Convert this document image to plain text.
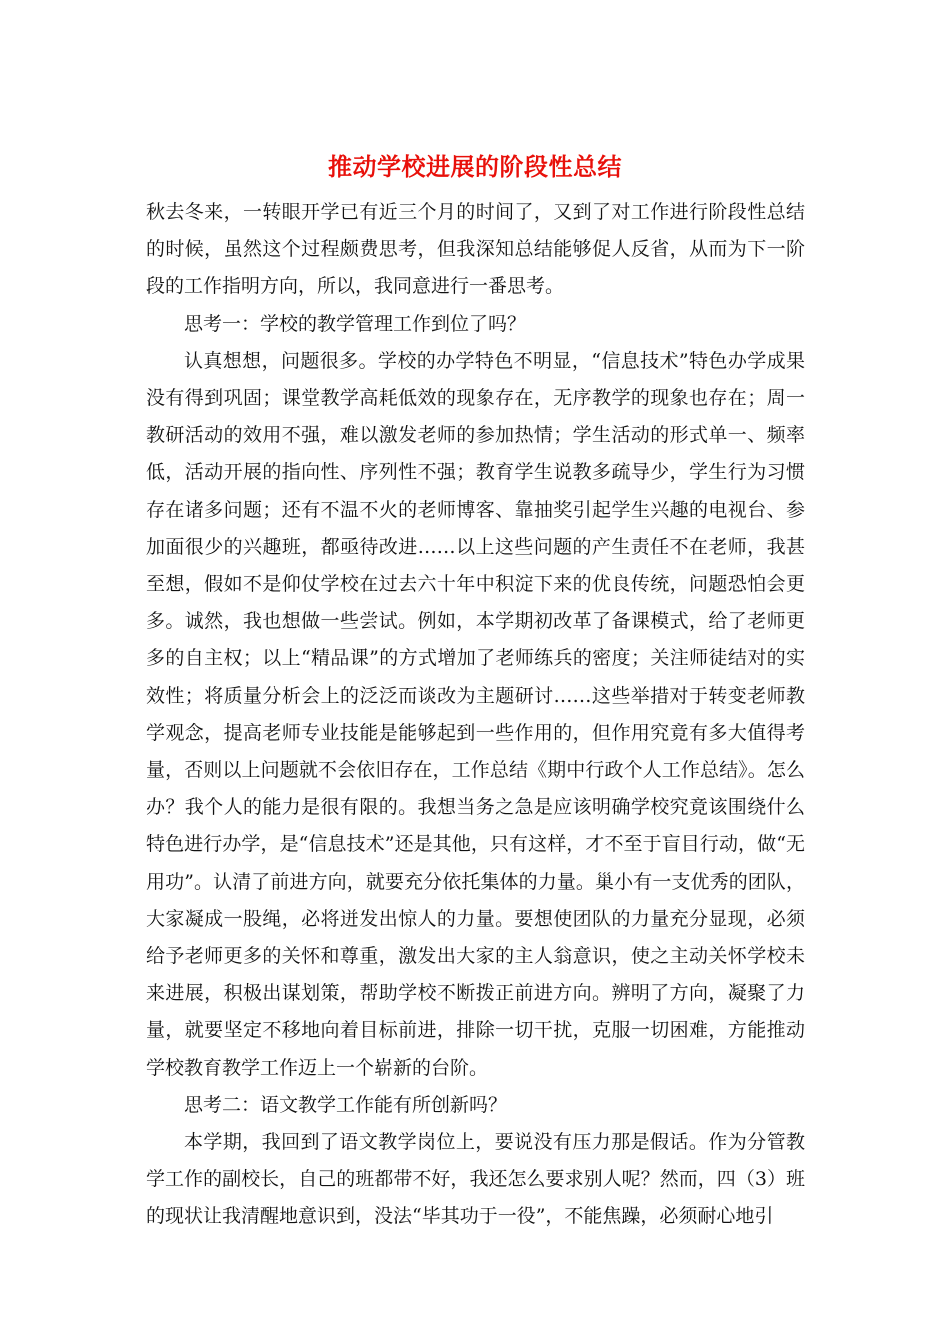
推动学校进展的阶段性总结

秋去冬来，一转眼开学已有近三个月的时间了，又到了对工作进行阶段性总结的时候，虽然这个过程颇费思考，但我深知总结能够促人反省，从而为下一阶段的工作指明方向，所以，我同意进行一番思考。

思考一：学校的教学管理工作到位了吗？

认真想想，问题很多。学校的办学特色不明显，“信息技术”特色办学成果没有得到巩固；课堂教学高耗低效的现象存在，无序教学的现象也存在；周一教研活动的效用不强，难以激发老师的参加热情；学生活动的形式单一、频率低，活动开展的指向性、序列性不强；教育学生说教多疏导少，学生行为习惯存在诸多问题；还有不温不火的老师博客、靠抽奖引起学生兴趣的电视台、参加面很少的兴趣班，都亟待改进……以上这些问题的产生责任不在老师，我甚至想，假如不是仰仗学校在过去六十年中积淀下来的优良传统，问题恐怕会更多。诚然，我也想做一些尝试。例如，本学期初改革了备课模式，给了老师更多的自主权；以上“精品课”的方式增加了老师练兵的密度；关注师徒结对的实效性；将质量分析会上的泛泛而谈改为主题研讨……这些举措对于转变老师教学观念，提高老师专业技能是能够起到一些作用的，但作用究竟有多大值得考量，否则以上问题就不会依旧存在，工作总结《期中行政个人工作总结》。怎么办？我个人的能力是很有限的。我想当务之急是应该明确学校究竟该围绕什么特色进行办学，是“信息技术”还是其他，只有这样，才不至于盲目行动，做“无用功”。认清了前进方向，就要充分依托集体的力量。巢小有一支优秀的团队，大家凝成一股绳，必将迸发出惊人的力量。要想使团队的力量充分显现，必须给予老师更多的关怀和尊重，激发出大家的主人翁意识，使之主动关怀学校未来进展，积极出谋划策，帮助学校不断拨正前进方向。辨明了方向，凝聚了力量，就要坚定不移地向着目标前进，排除一切干扰，克服一切困难，方能推动学校教育教学工作迈上一个崭新的台阶。

思考二：语文教学工作能有所创新吗？

本学期，我回到了语文教学岗位上，要说没有压力那是假话。作为分管教学工作的副校长，自己的班都带不好，我还怎么要求别人呢？然而，四（3）班的现状让我清醒地意识到，没法“毕其功于一役”，不能焦躁，必须耐心地引
